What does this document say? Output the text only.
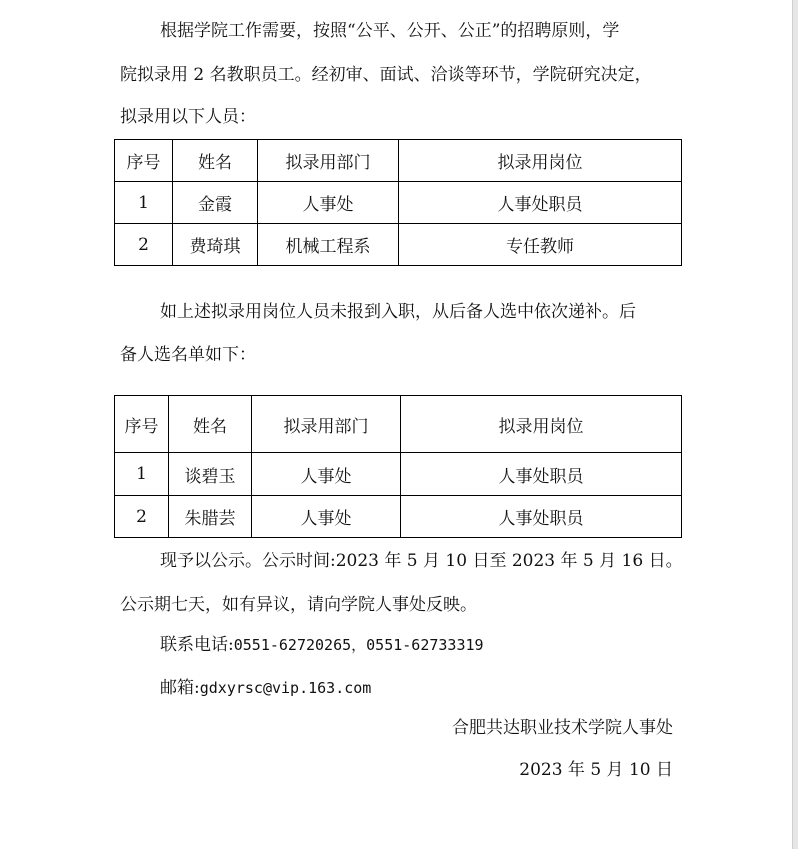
根据学院工作需要，按照“公平、公开、公正”的招聘原则，学
院拟录用 2 名教职员工。经初审、面试、洽谈等环节，学院研究决定，
拟录用以下人员：
序号	姓名	拟录用部门	拟录用岗位
1	金霞	人事处	人事处职员
2	费琦琪	机械工程系	专任教师
如上述拟录用岗位人员未报到入职，从后备人选中依次递补。后
备人选名单如下：
序号	姓名	拟录用部门	拟录用岗位
1	谈碧玉	人事处	人事处职员
2	朱腊芸	人事处	人事处职员
现予以公示。公示时间:2023 年 5 月 10 日至 2023 年 5 月 16 日。
公示期七天，如有异议，请向学院人事处反映。
联系电话:0551-62720265，0551-62733319
邮箱:gdxyrsc@vip.163.com
合肥共达职业技术学院人事处
2023 年 5 月 10 日
